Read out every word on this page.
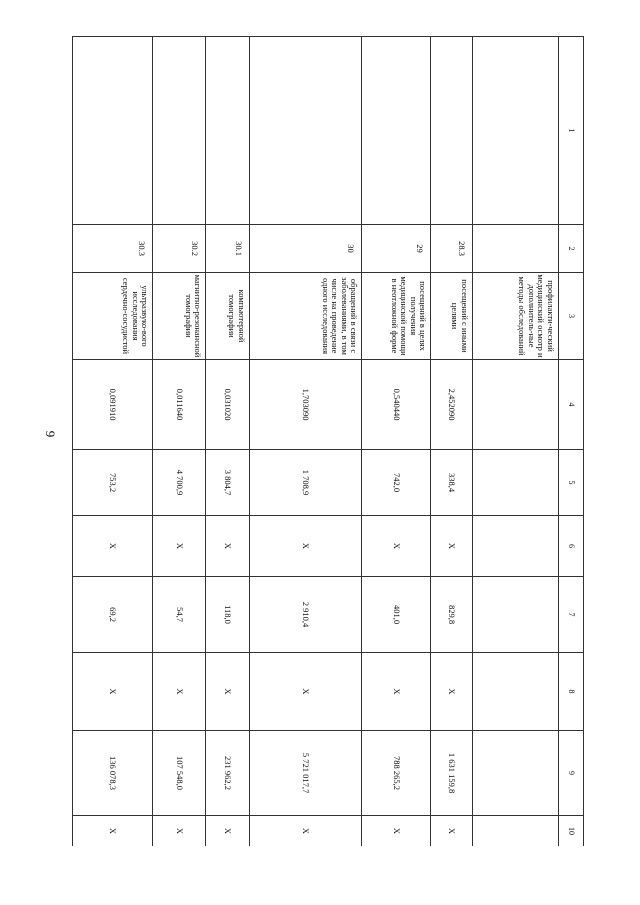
9
1	2	3	4	5	6	7	8	9	10
		профилакти-ческий медицинский осмотр и дополнитель-ные методы обследований							
	28.3	посещений с иными целями	2,452090	338,4	Х	829,8	Х	1 631 159,8	Х
	29	посещений в целях получения медицинской помощи в неотложной форме	0,540440	742,0	Х	401,0	Х	788 265,2	Х
	30	обращений в связи с заболеваниями, в том числе на проведение одного исследования	1,703090	1 708,9	Х	2 910,4	Х	5 721 017,7	Х
	30.1	компьютерной томографии	0,031020	3 804,7	Х	118,0	Х	231 962,2	Х
	30.2	магнитно-резонансной томографии	0,011640	4 700,9	Х	54,7	Х	107 548,0	Х
	30.3	ультразвуко-вого исследования сердечно-сосудистой	0,091910	753,2	Х	69,2	Х	136 078,3	Х
